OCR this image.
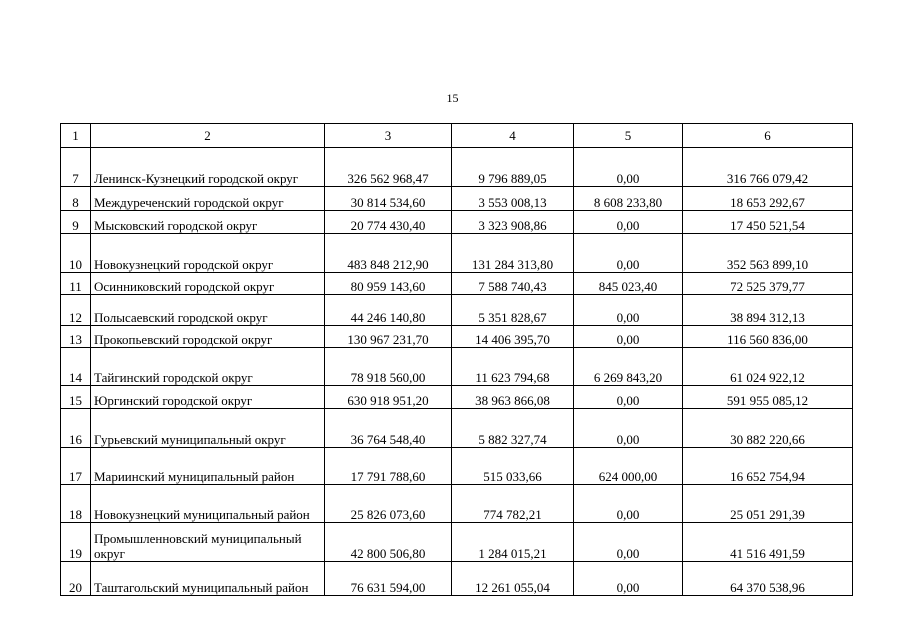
15
1	2	3	4	5	6
7	Ленинск-Кузнецкий городской округ	326 562 968,47	9 796 889,05	0,00	316 766 079,42
8	Междуреченский городской округ	30 814 534,60	3 553 008,13	8 608 233,80	18 653 292,67
9	Мысковский городской округ	20 774 430,40	3 323 908,86	0,00	17 450 521,54
10	Новокузнецкий городской округ	483 848 212,90	131 284 313,80	0,00	352 563 899,10
11	Осинниковский городской округ	80 959 143,60	7 588 740,43	845 023,40	72 525 379,77
12	Полысаевский городской округ	44 246 140,80	5 351 828,67	0,00	38 894 312,13
13	Прокопьевский городской округ	130 967 231,70	14 406 395,70	0,00	116 560 836,00
14	Тайгинский городской округ	78 918 560,00	11 623 794,68	6 269 843,20	61 024 922,12
15	Юргинский городской округ	630 918 951,20	38 963 866,08	0,00	591 955 085,12
16	Гурьевский муниципальный округ	36 764 548,40	5 882 327,74	0,00	30 882 220,66
17	Мариинский муниципальный район	17 791 788,60	515 033,66	624 000,00	16 652 754,94
18	Новокузнецкий муниципальный район	25 826 073,60	774 782,21	0,00	25 051 291,39
19	Промышленновский муниципальный округ	42 800 506,80	1 284 015,21	0,00	41 516 491,59
20	Таштагольский муниципальный район	76 631 594,00	12 261 055,04	0,00	64 370 538,96
